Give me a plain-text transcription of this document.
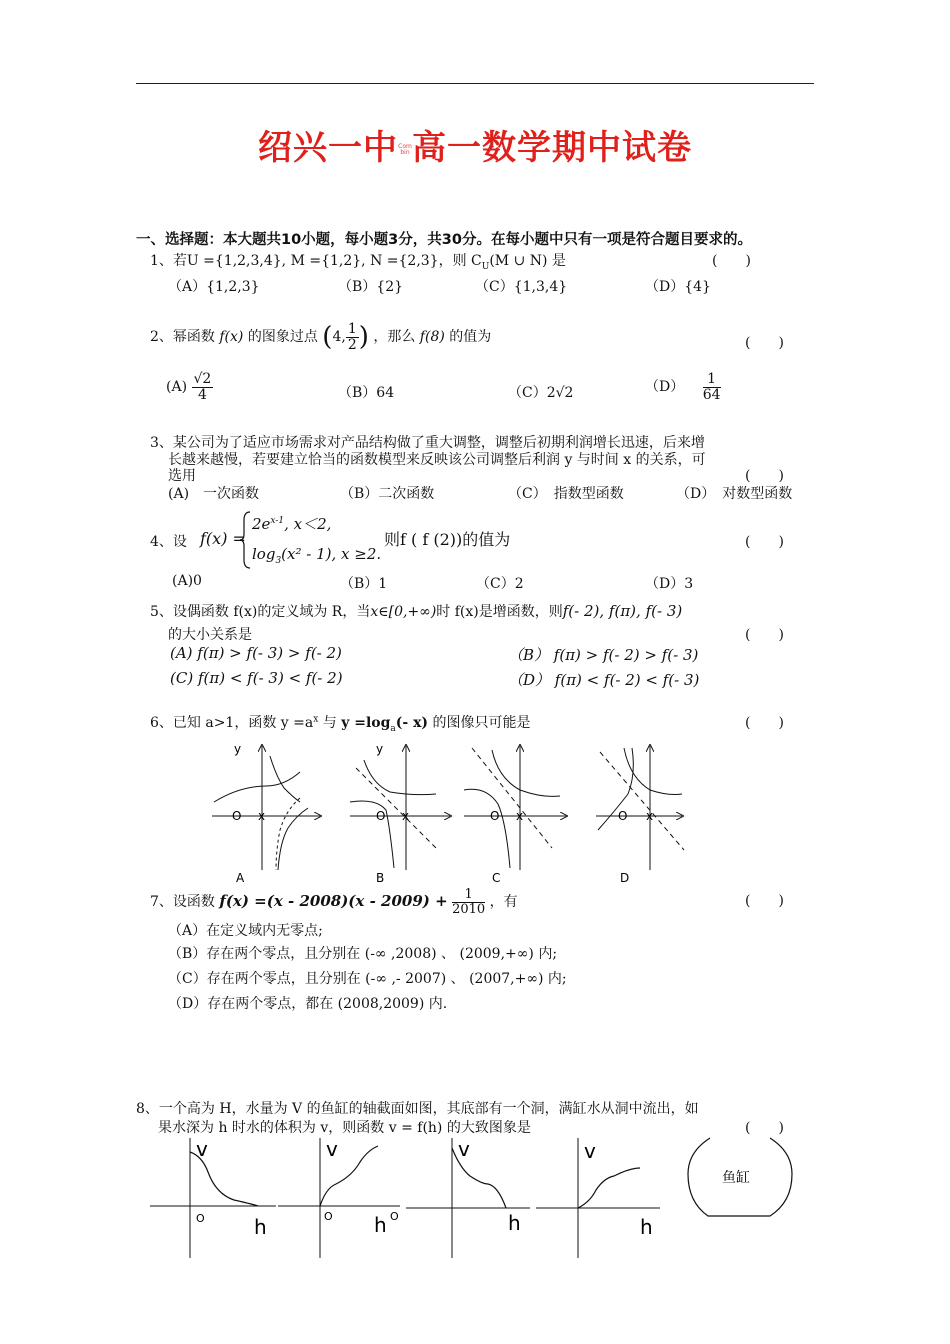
绍兴一中Com bin高一数学期中试卷
一、选择题：本大题共10小题，每小题3分，共30分。在每小题中只有一项是符合题目要求的。
1、若U ={1,2,3,4}, M ={1,2}, N ={2,3}，则 $C_U(M$ ∪ N) 是	(　　)
（A）{1,2,3}	（B）{2}	（C）{1,3,4}	（D）{4}
2、幂函数 f(x) 的图象过点 (4, $\frac{1}{2}$ ) ，那么 f(8) 的值为	(　　)
$(A) \frac{√2}{4}$	（B）64	（C）2√2	$(D) \frac{1}{64}$
3、某公司为了适应市场需求对产品结构做了重大调整，调整后初期利润增长迅速，后来增
长越来越慢，若要建立恰当的函数模型来反映该公司调整后利润 y 与时间 x 的关系，可
选用	(　　)
(A)　一次函数	（B）二次函数	（C）　指数型函数	（D）　对数型函数
4、设 f(x) =
$2e^{x-1}$, x＜2,
$\log_3(x^2 - 1)$, x ≥2.
则f ( f (2))的值为	(　　)
(A)0	（B）1	（C）2	（D）3
5、设偶函数 f(x)的定义域为 R，当x∈[0,+∞)时 f(x)是增函数，则f(- 2), f(π), f(- 3)
的大小关系是	(　　)
(A) f(π) > f(- 3) > f(- 2)	（B） f(π) > f(- 2) > f(- 3)
(C) f(π) < f(- 3) < f(- 2)	（D） f(π) < f(- 2) < f(- 3)
6、已知 a>1，函数 $y =a^x$ 与 $y =\log_a(-$ x) 的图像只可能是	(　　)
y
O x
A
y
O x
B
O x
C
O x
D
7、设函数 $f(x) =(x - 2008)(x - 2009) + \frac{1}{2010}$ ，有	(　　)
（A）在定义域内无零点;
（B）存在两个零点，且分别在 (-∞ ,2008) 、 (2009,+∞) 内;
（C）存在两个零点，且分别在 (-∞ ,- 2007) 、 (2007,+∞) 内;
（D）存在两个零点，都在 (2008,2009) 内.
8、一个高为 H，水量为 V 的鱼缸的轴截面如图，其底部有一个洞，满缸水从洞中流出，如
果水深为 h 时水的体积为 v，则函数 v = f(h) 的大致图象是	(　　)
v
O h
v
O h O
v
h
v
h
鱼缸
